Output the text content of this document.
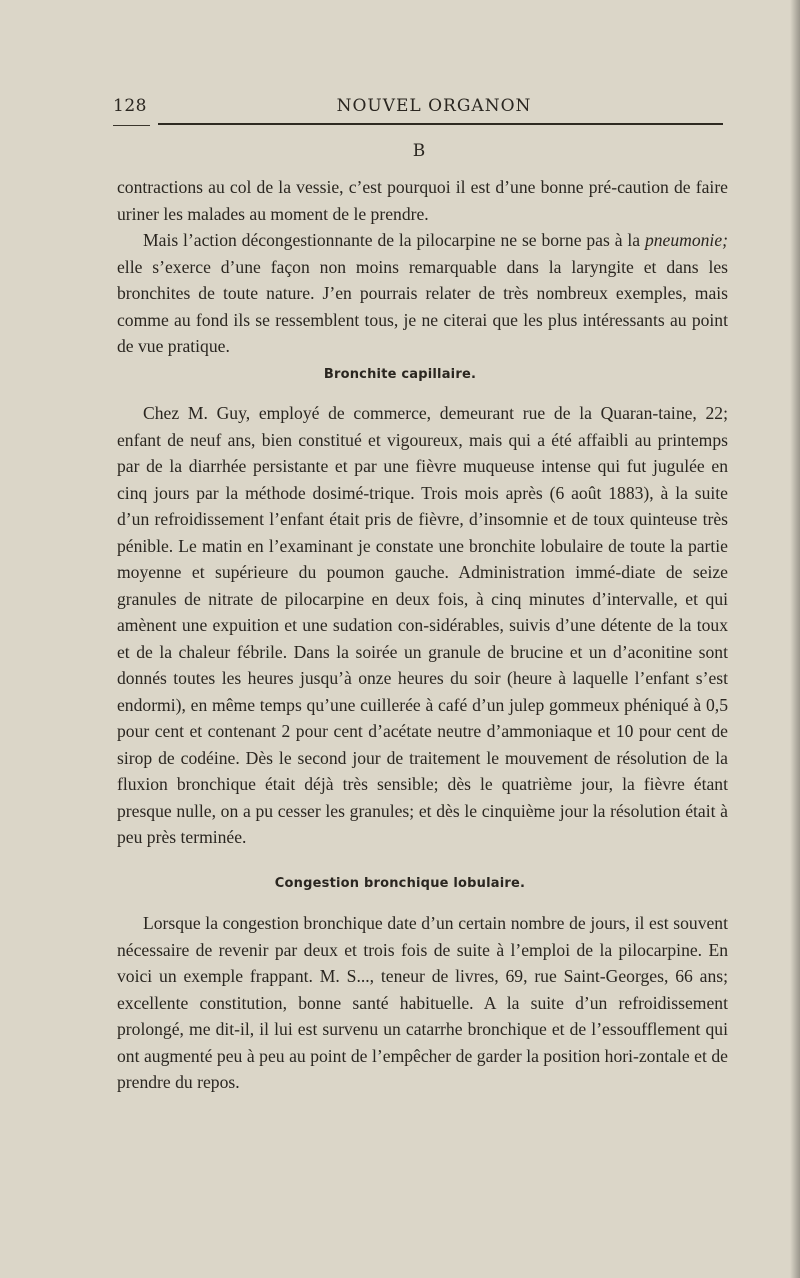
128	NOUVEL ORGANON
B

contractions au col de la vessie, c’est pourquoi il est d’une bonne pré-caution de faire uriner les malades au moment de le prendre.

Mais l’action décongestionnante de la pilocarpine ne se borne pas à la pneumonie; elle s’exerce d’une façon non moins remarquable dans la laryngite et dans les bronchites de toute nature. J’en pourrais relater de très nombreux exemples, mais comme au fond ils se ressemblent tous, je ne citerai que les plus intéressants au point de vue pratique.

Bronchite capillaire.

Chez M. Guy, employé de commerce, demeurant rue de la Quaran-taine, 22; enfant de neuf ans, bien constitué et vigoureux, mais qui a été affaibli au printemps par de la diarrhée persistante et par une fièvre muqueuse intense qui fut jugulée en cinq jours par la méthode dosimé-trique. Trois mois après (6 août 1883), à la suite d’un refroidissement l’enfant était pris de fièvre, d’insomnie et de toux quinteuse très pénible. Le matin en l’examinant je constate une bronchite lobulaire de toute la partie moyenne et supérieure du poumon gauche. Administration immé-diate de seize granules de nitrate de pilocarpine en deux fois, à cinq minutes d’intervalle, et qui amènent une expuition et une sudation con-sidérables, suivis d’une détente de la toux et de la chaleur fébrile. Dans la soirée un granule de brucine et un d’aconitine sont donnés toutes les heures jusqu’à onze heures du soir (heure à laquelle l’enfant s’est endormi), en même temps qu’une cuillerée à café d’un julep gommeux phéniqué à 0,5 pour cent et contenant 2 pour cent d’acétate neutre d’ammoniaque et 10 pour cent de sirop de codéine. Dès le second jour de traitement le mouvement de résolution de la fluxion bronchique était déjà très sensible; dès le quatrième jour, la fièvre étant presque nulle, on a pu cesser les granules; et dès le cinquième jour la résolution était à peu près terminée.

Congestion bronchique lobulaire.

Lorsque la congestion bronchique date d’un certain nombre de jours, il est souvent nécessaire de revenir par deux et trois fois de suite à l’emploi de la pilocarpine. En voici un exemple frappant. M. S..., teneur de livres, 69, rue Saint-Georges, 66 ans; excellente constitution, bonne santé habituelle. A la suite d’un refroidissement prolongé, me dit-il, il lui est survenu un catarrhe bronchique et de l’essoufflement qui ont augmenté peu à peu au point de l’empêcher de garder la position hori-zontale et de prendre du repos.
